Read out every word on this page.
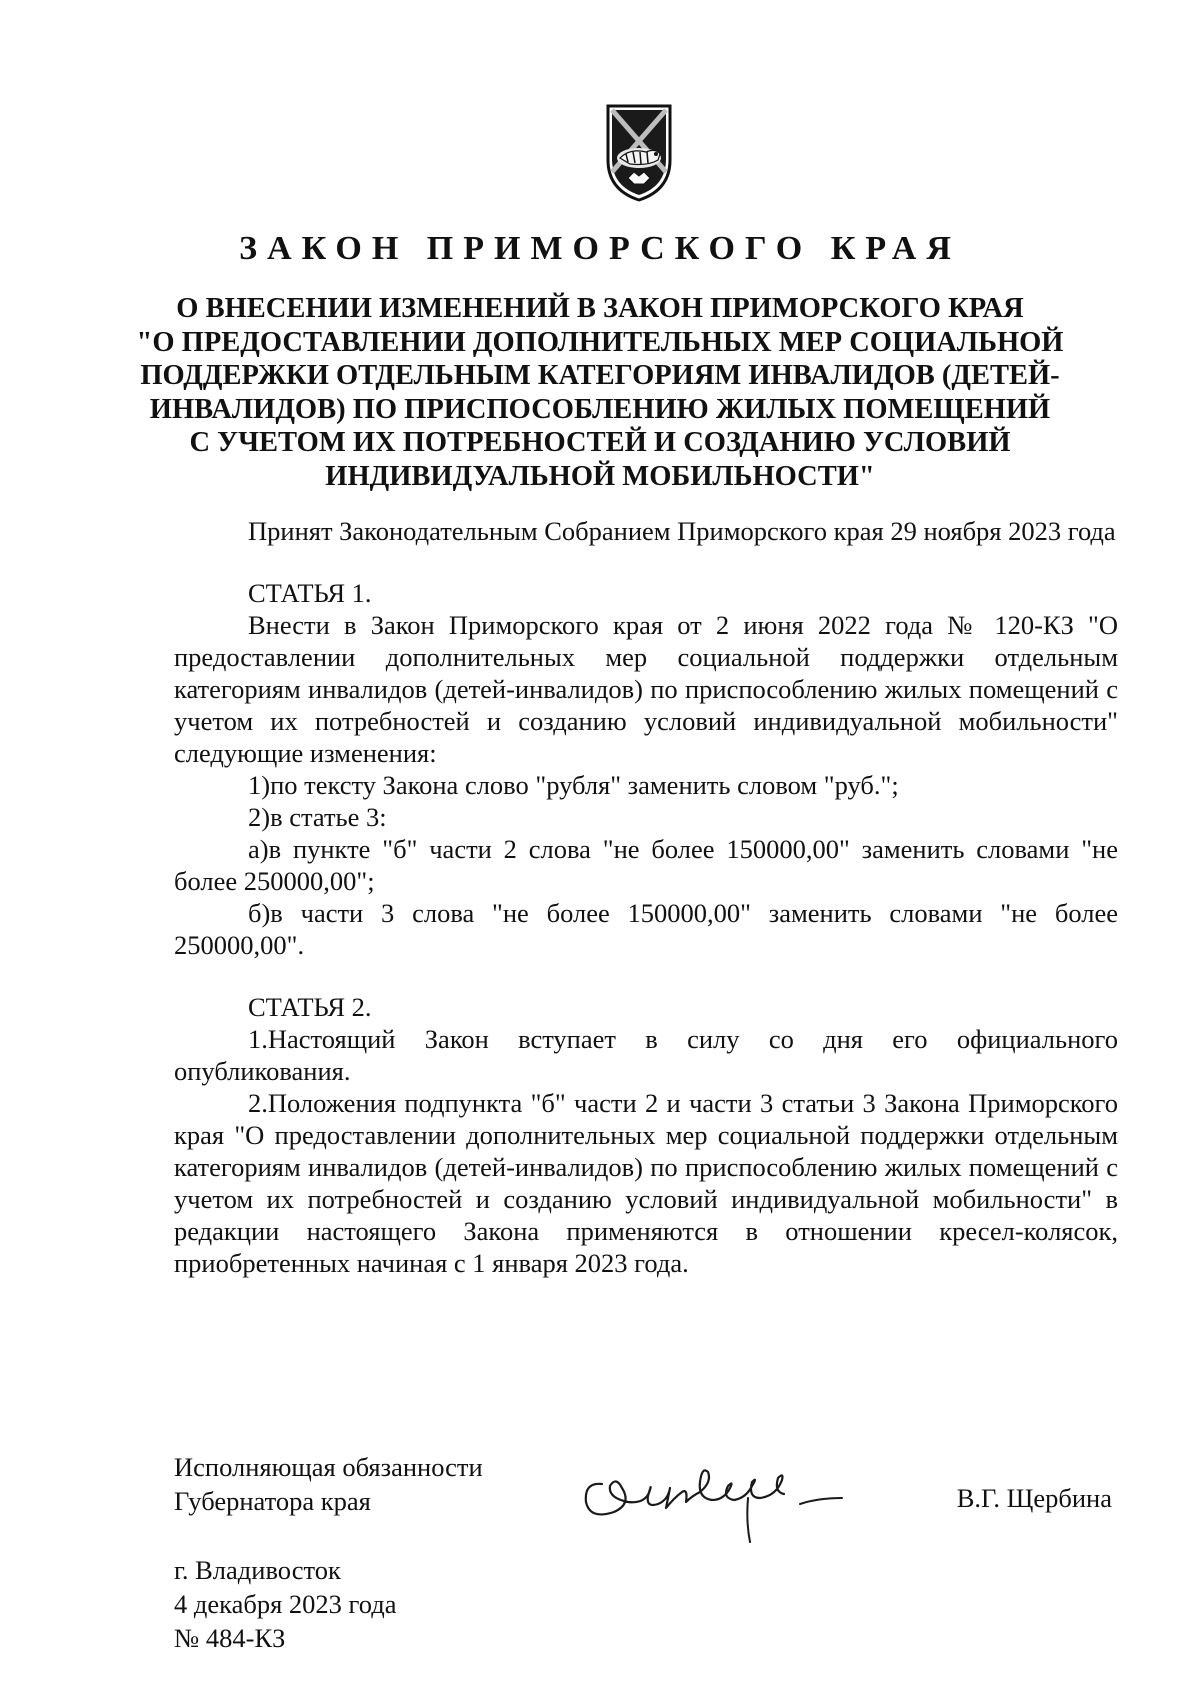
ЗАКОН ПРИМОРСКОГО КРАЯ
О ВНЕСЕНИИ ИЗМЕНЕНИЙ В ЗАКОН ПРИМОРСКОГО КРАЯ
"О ПРЕДОСТАВЛЕНИИ ДОПОЛНИТЕЛЬНЫХ МЕР СОЦИАЛЬНОЙ
ПОДДЕРЖКИ ОТДЕЛЬНЫМ КАТЕГОРИЯМ ИНВАЛИДОВ (ДЕТЕЙ-
ИНВАЛИДОВ) ПО ПРИСПОСОБЛЕНИЮ ЖИЛЫХ ПОМЕЩЕНИЙ
С УЧЕТОМ ИХ ПОТРЕБНОСТЕЙ И СОЗДАНИЮ УСЛОВИЙ
ИНДИВИДУАЛЬНОЙ МОБИЛЬНОСТИ"

Принят Законодательным Собранием Приморского края 29 ноября 2023 года

СТАТЬЯ 1.

Внести в Закон Приморского края от 2 июня 2022 года № 120-КЗ "О предоставлении дополнительных мер социальной поддержки отдельным категориям инвалидов (детей-инвалидов) по приспособлению жилых помещений с учетом их потребностей и созданию условий индивидуальной мобильности" следующие изменения:

1)по тексту Закона слово "рубля" заменить словом "руб.";

2)в статье 3:

а)в пункте "б" части 2 слова "не более 150000,00" заменить словами "не более 250000,00";

б)в части 3 слова "не более 150000,00" заменить словами "не более 250000,00".

СТАТЬЯ 2.

1.Настоящий Закон вступает в силу со дня его официального опубликования.

2.Положения подпункта "б" части 2 и части 3 статьи 3 Закона Приморского края "О предоставлении дополнительных мер социальной поддержки отдельным категориям инвалидов (детей-инвалидов) по приспособлению жилых помещений с учетом их потребностей и созданию условий индивидуальной мобильности" в редакции настоящего Закона применяются в отношении кресел-колясок, приобретенных начиная с 1 января 2023 года.

Исполняющая обязанности
Губернатора края	В.Г. Щербина
г. Владивосток
4 декабря 2023 года
№ 484-КЗ
